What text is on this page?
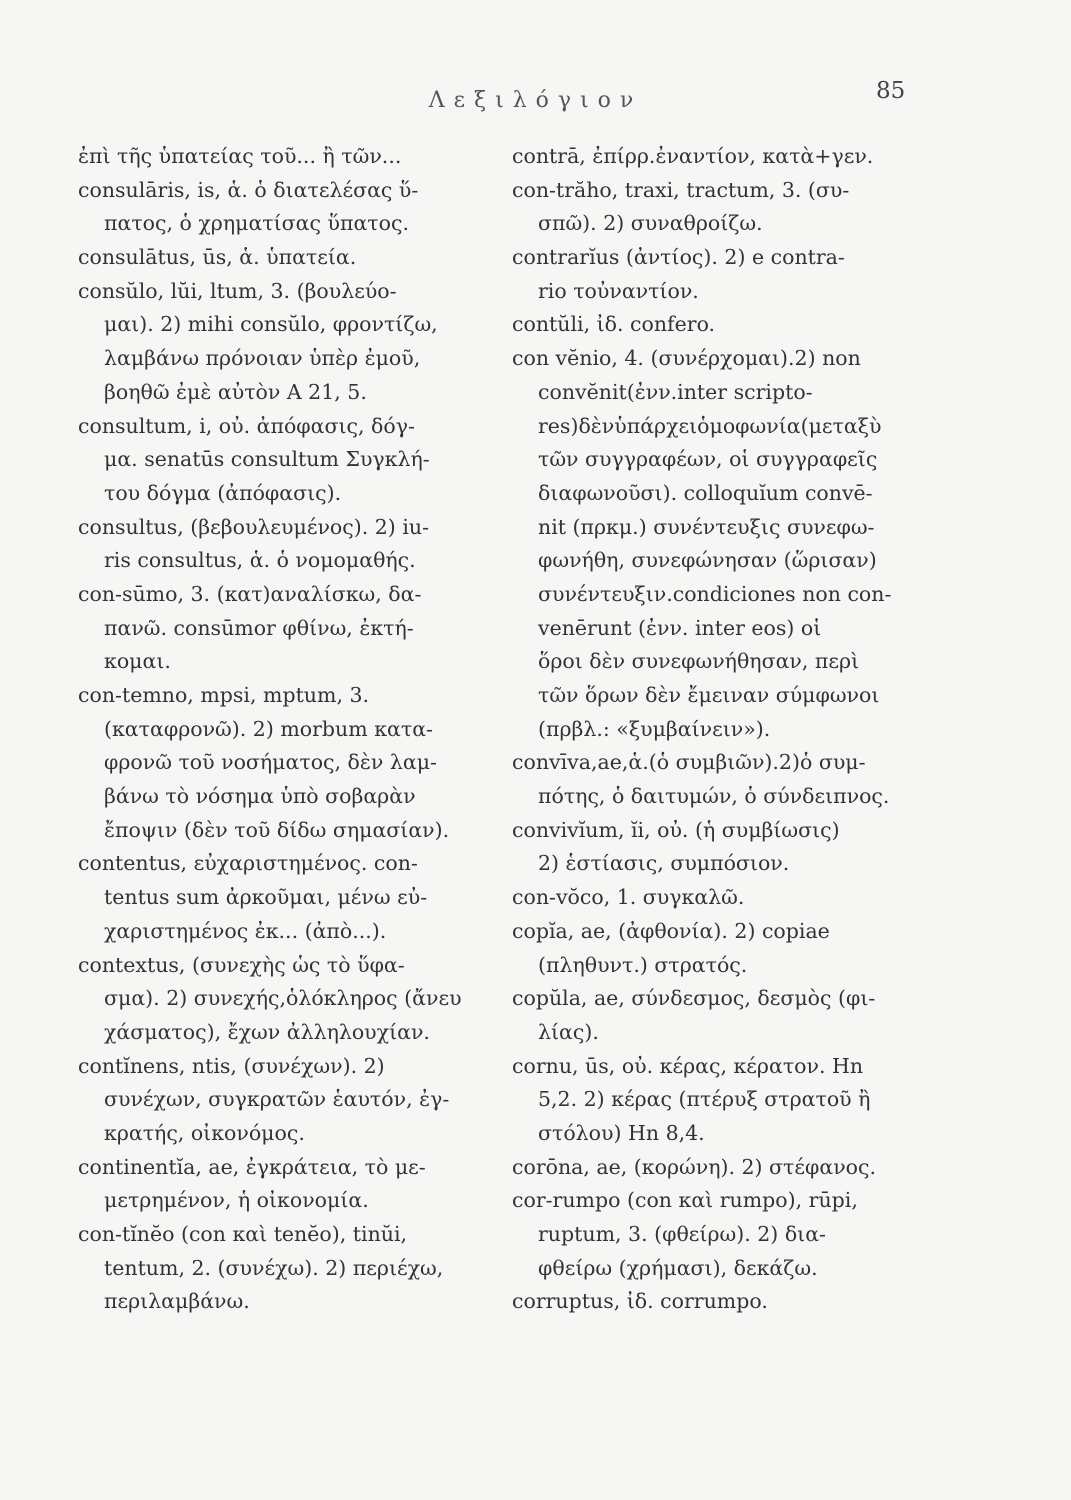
Λεξιλόγιον	85
ἐπὶ τῆς ὑπατείας τοῦ... ἢ τῶν...
consulāris, is, ἁ. ὁ διατελέσας ὕ-
πατος, ὁ χρηματίσας ὕπατος.
consulātus, ūs, ἁ. ὑπατεία.
consŭlo, lŭi, ltum, 3. (βουλεύο-
μαι). 2) mihi consŭlo, φροντίζω,
λαμβάνω πρόνοιαν ὑπὲρ ἐμοῦ,
βοηθῶ ἐμὲ αὐτὸν Α 21, 5.
consultum, i, οὐ. ἀπόφασις, δόγ-
μα. senatūs consultum Συγκλή-
του δόγμα (ἀπόφασις).
consultus, (βεβουλευμένος). 2) iu-
ris consultus, ἁ. ὁ νομομαθής.
con-sūmo, 3. (κατ)αναλίσκω, δα-
πανῶ. consūmor φθίνω, ἐκτή-
κομαι.
con-temno, mpsi, mptum, 3.
(καταφρονῶ). 2) morbum κατα-
φρονῶ τοῦ νοσήματος, δὲν λαμ-
βάνω τὸ νόσημα ὑπὸ σοβαρὰν
ἔποψιν (δὲν τοῦ δίδω σημασίαν).
contentus, εὐχαριστημένος. con-
tentus sum ἀρκοῦμαι, μένω εὐ-
χαριστημένος ἐκ... (ἀπὸ...).
contextus, (συνεχὴς ὡς τὸ ὕφα-
σμα). 2) συνεχής,ὁλόκληρος (ἄνευ
χάσματος), ἔχων ἀλληλουχίαν.
contĭnens, ntis, (συνέχων). 2)
συνέχων, συγκρατῶν ἑαυτόν, ἐγ-
κρατής, οἰκονόμος.
continentĭa, ae, ἐγκράτεια, τὸ με-
μετρημένον, ἡ οἰκονομία.
con-tĭnĕo (con καὶ tenĕo), tinŭi,
tentum, 2. (συνέχω). 2) περιέχω,
περιλαμβάνω.
contrā, ἐπίρρ.ἐναντίον, κατὰ+γεν.
con-trăho, traxi, tractum, 3. (συ-
σπῶ). 2) συναθροίζω.
contrarĭus (ἀντίος). 2) e contra-
rio τοὐναντίον.
contŭli, ἰδ. confero.
con vĕnio, 4. (συνέρχομαι).2) non
convĕnit(ἐνν.inter scripto-
res)δὲνὑπάρχειὁμοφωνία(μεταξὺ
τῶν συγγραφέων, οἱ συγγραφεῖς
διαφωνοῦσι). colloquĭum convē-
nit (πρκμ.) συνέντευξις συνεφω-
φωνήθη, συνεφώνησαν (ὥρισαν)
συνέντευξιν.condiciones non con-
venērunt (ἐνν. inter eos) οἱ
ὅροι δὲν συνεφωνήθησαν, περὶ
τῶν ὅρων δὲν ἔμειναν σύμφωνοι
(πρβλ.: «ξυμβαίνειν»).
convīva,ae,ἁ.(ὁ συμβιῶν).2)ὁ συμ-
πότης, ὁ δαιτυμών, ὁ σύνδειπνος.
convivĭum, ĭi, οὐ. (ἡ συμβίωσις)
2) ἑστίασις, συμπόσιον.
con-vŏco, 1. συγκαλῶ.
copĭa, ae, (ἀφθονία). 2) copiae
(πληθυντ.) στρατός.
copŭla, ae, σύνδεσμος, δεσμὸς (φι-
λίας).
cornu, ūs, οὐ. κέρας, κέρατον. Hn
5,2. 2) κέρας (πτέρυξ στρατοῦ ἢ
στόλου) Hn 8,4.
corōna, ae, (κορώνη). 2) στέφανος.
cor-rumpo (con καὶ rumpo), rūpi,
ruptum, 3. (φθείρω). 2) δια-
φθείρω (χρήμασι), δεκάζω.
corruptus, ἰδ. corrumpo.
